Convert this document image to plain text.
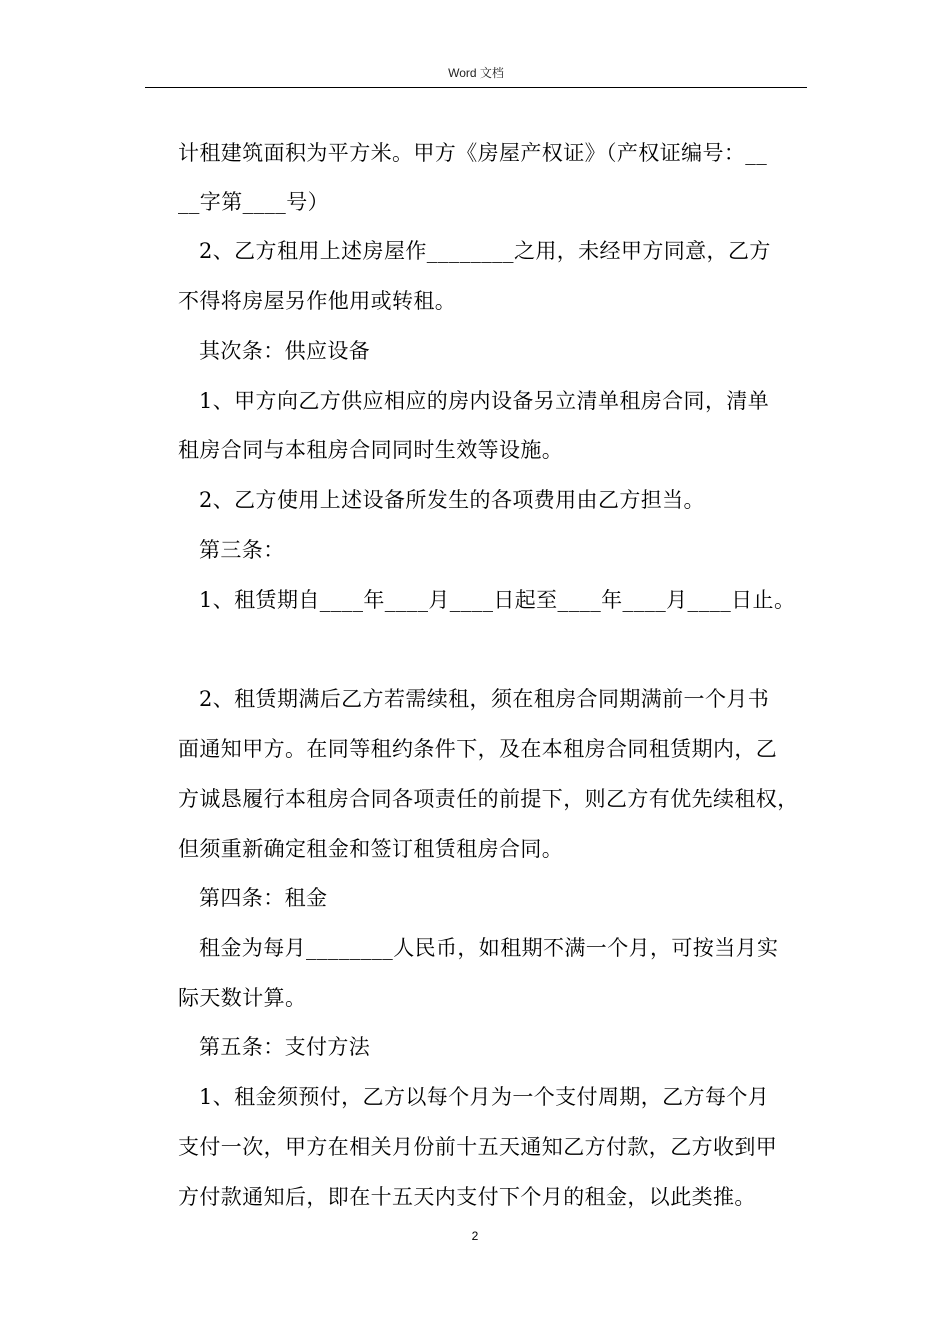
Word 文档
计租建筑面积为平方米。甲方《房屋产权证》（产权证编号：__
__字第____号）
2、乙方租用上述房屋作________之用，未经甲方同意，乙方
不得将房屋另作他用或转租。
其次条：供应设备
1、甲方向乙方供应相应的房内设备另立清单租房合同，清单
租房合同与本租房合同同时生效等设施。
2、乙方使用上述设备所发生的各项费用由乙方担当。
第三条：
1、租赁期自____年____月____日起至____年____月____日止。
2、租赁期满后乙方若需续租，须在租房合同期满前一个月书
面通知甲方。在同等租约条件下，及在本租房合同租赁期内，乙
方诚恳履行本租房合同各项责任的前提下，则乙方有优先续租权，
但须重新确定租金和签订租赁租房合同。
第四条：租金
租金为每月________人民币，如租期不满一个月，可按当月实
际天数计算。
第五条：支付方法
1、租金须预付，乙方以每个月为一个支付周期，乙方每个月
支付一次，甲方在相关月份前十五天通知乙方付款，乙方收到甲
方付款通知后，即在十五天内支付下个月的租金，以此类推。
2
